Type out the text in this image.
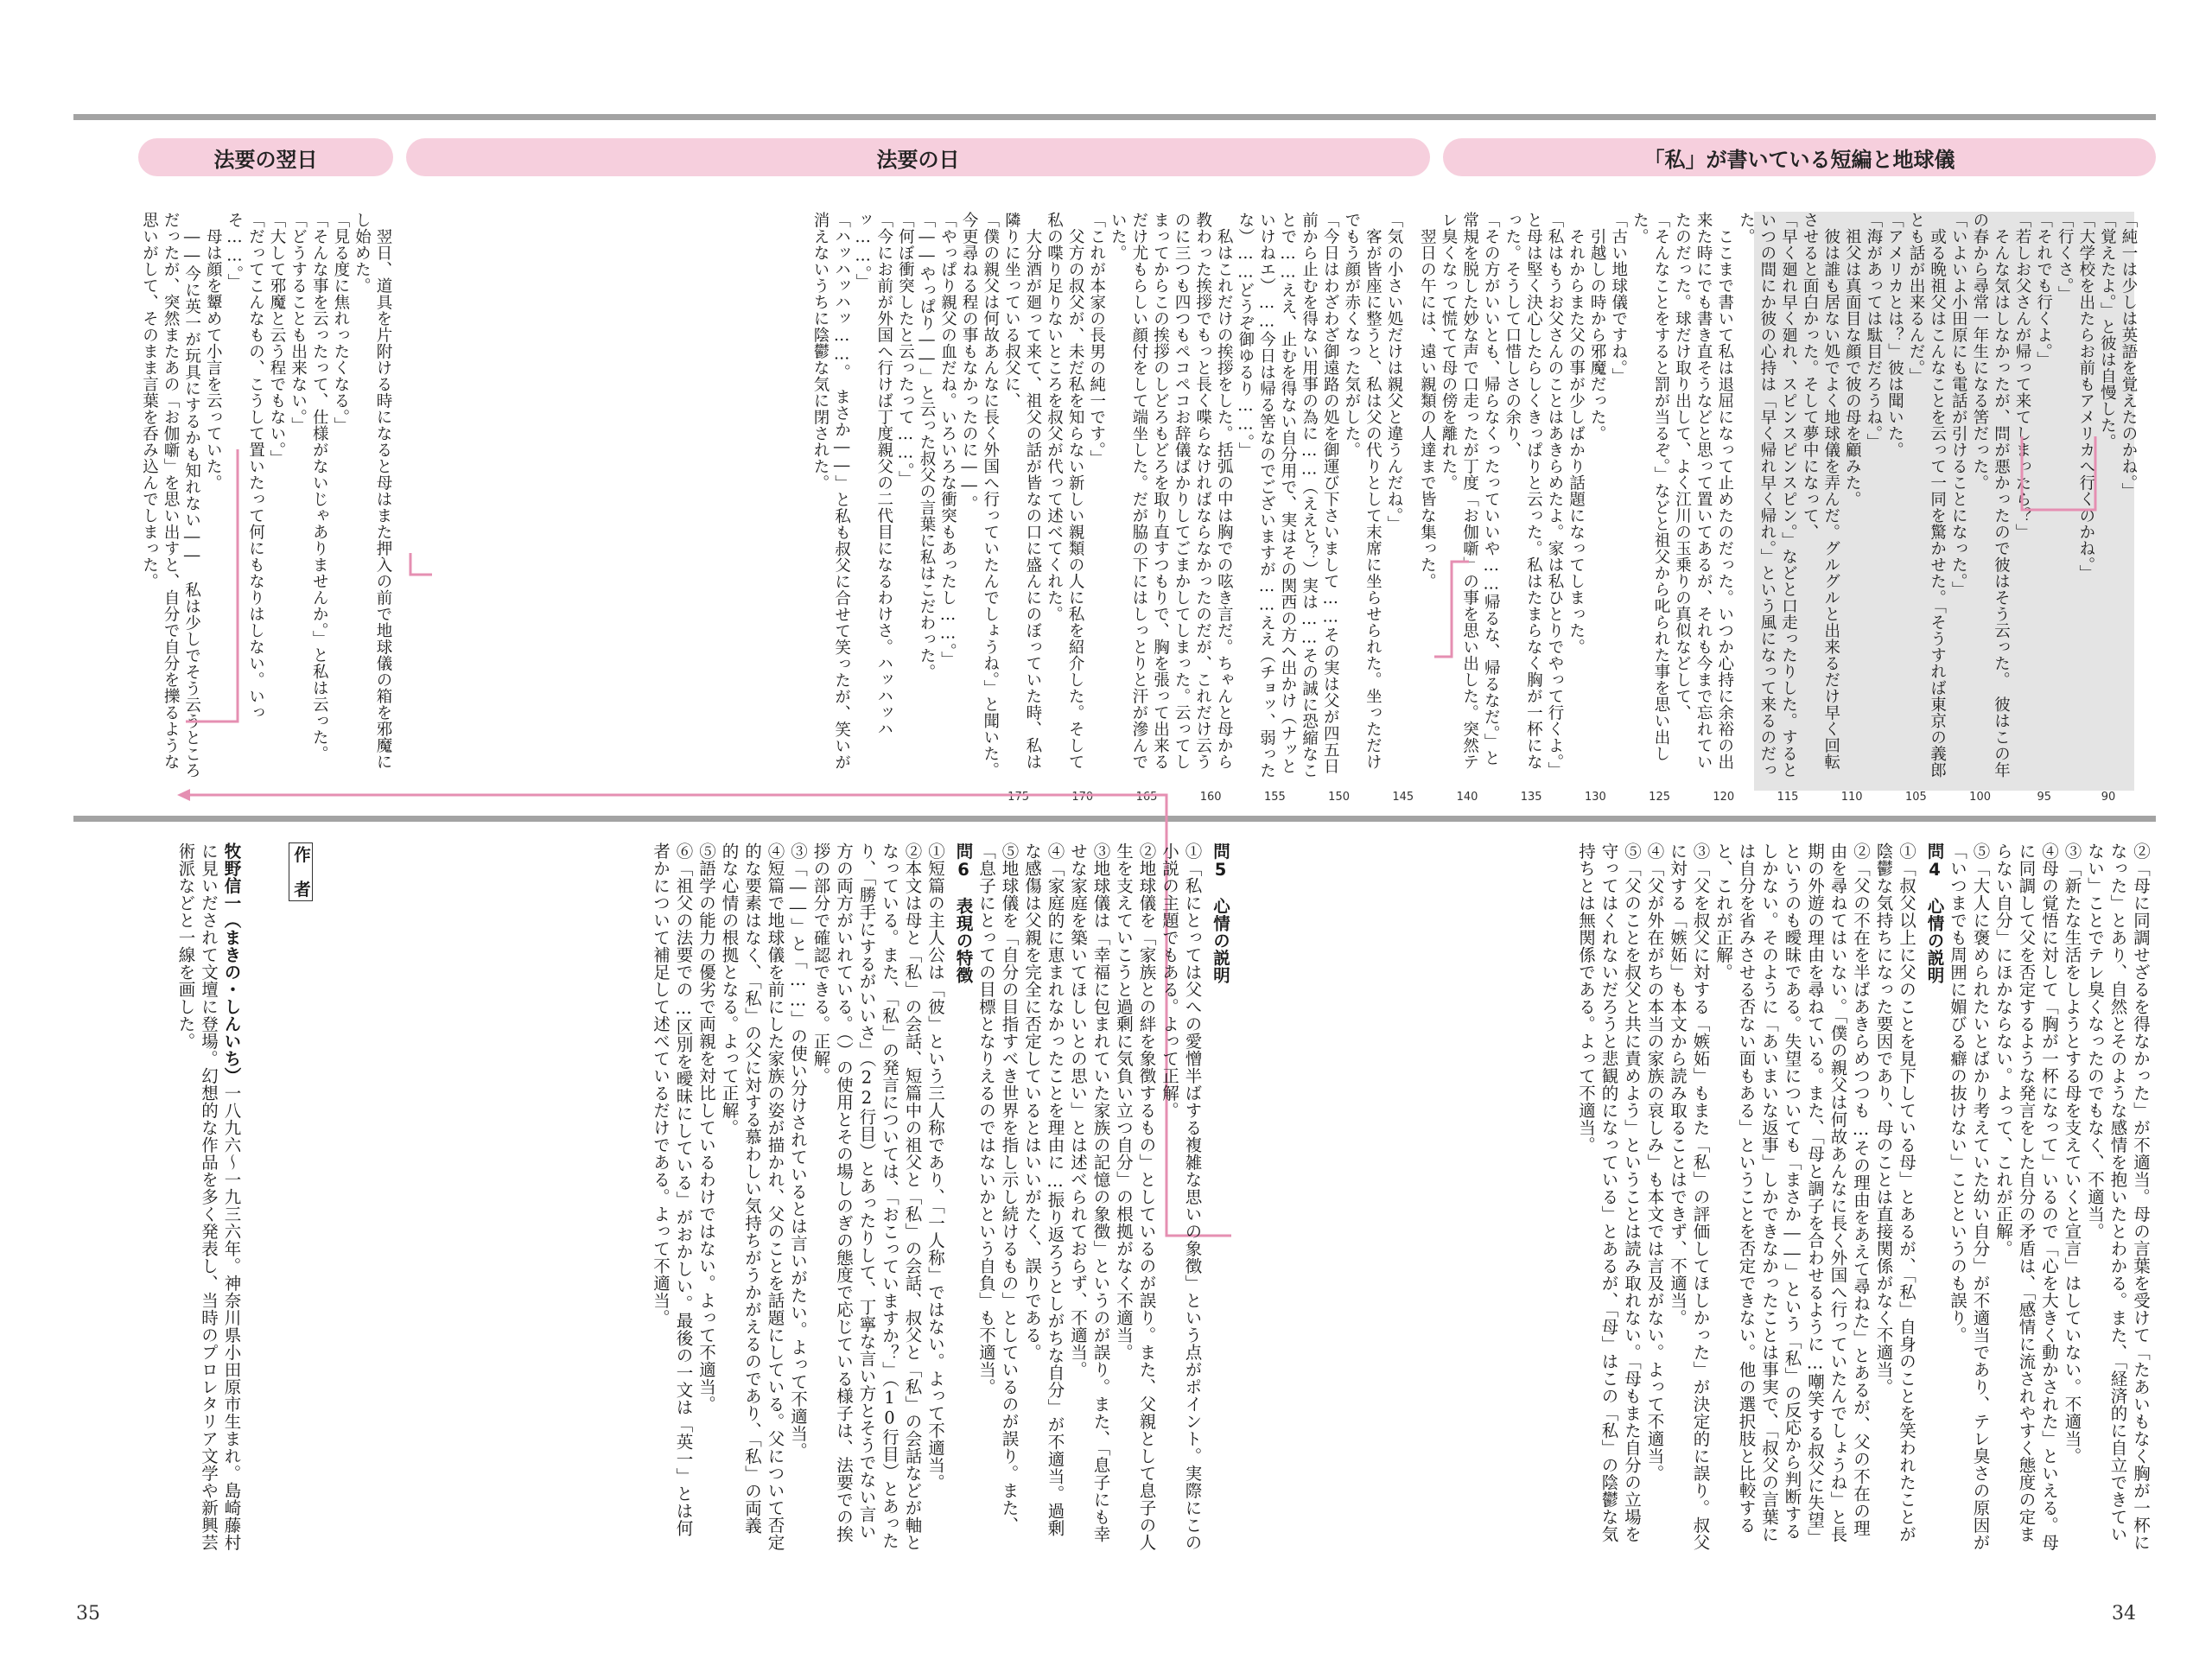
法要の翌日	法要の日	「私」が書いている短編と地球儀

「純一は少しは英語を覚えたのかね。」

「覚えたよ。」と彼は自慢した。

「大学校を出たらお前もアメリカへ行くのかね。」

「行くさ。」

「それでも行くよ。」

「若しお父さんが帰って来てしまったら？」

　そんな気はしなかったが、問が悪かったので彼はそう云った。　彼はこの年の春から尋常一年生になる筈だった。

「いよいよ小田原にも電話が引けることになった。」

　或る晩祖父はこんなことを云って一同を驚かせた。「そうすれば東京の義郎とも話が出来るんだ。」

「アメリカとは？」彼は聞いた。

「海があっては駄目だろうね。」

　祖父は真面目な顔で彼の母を顧みた。

　彼は誰も居ない処でよく地球儀を弄んだ。グルグルと出来るだけ早く回転させると面白かった。そして夢中になって、

「早く廻れ早く廻れ、スピンスピンスピン。」などと口走ったりした。するといつの間にか彼の心持は「早く帰れ早く帰れ。」という風になって来るのだった。

　ここまで書いて私は退屈になって止めたのだった。いつか心持に余裕の出来た時にでも書き直そうなどと思って置いてあるが、それも今まで忘れていたのだった。球だけ取り出して、よく江川の玉乗りの真似などして、

「そんなことをすると罰が当るぞ。」などと祖父から叱られた事を思い出した。

「古い地球儀ですね。」

　引越しの時から邪魔だった。

　それからまた父の事が少しばかり話題になってしまった。

「私はもうお父さんのことはあきらめたよ。家は私ひとりでやって行くよ。」と母は堅く決心したらしくきっぱりと云った。私はたまらなく胸が一杯になった。そうして口惜しさの余り、

「その方がいいとも、帰らなくったっていいや……帰るな、帰るなだ。」と常規を脱した妙な声で口走ったが丁度「お伽噺」の事を思い出した。突然テレ臭くなって慌てて母の傍を離れた。

　翌日の午には、遠い親類の人達まで皆な集った。

「気の小さい処だけは親父と違うんだね。」

　客が皆座に整うと、私は父の代りとして末席に坐らせられた。坐っただけでもう顔が赤くなった気がした。

「今日はわざわざ御遠路の処を御運び下さいまして……その実は父が四五日前から止むを得ない用事の為に……（ええと？）実は……その誠に恐縮なことで……ええ、止むを得ない自分用で、実はその関西の方へ出かけ（ナッといけねエ）……今日は帰る筈なのでございますが……ええ（チョッ、弱ったな）……どうぞ御ゆるり……。」

　私はこれだけの挨拶をした。括弧の中は胸での呟き言だ。ちゃんと母から教わった挨拶でもっと長く喋らなければならなかったのだが、これだけ云うのに三つも四つもペコペコお辞儀ばかりしてごまかしてしまった。云ってしまってからこの挨拶のしどろもどろを取り直すつもりで、胸を張って出来るだけ尤もらしい顔付をして端坐した。だが脇の下にはしっとりと汗が滲んでいた。

「これが本家の長男の純一です。」

　父方の叔父が、未だ私を知らない新しい親類の人に私を紹介した。そして私の喋り足りないところを叔父が代って述べてくれた。

　大分酒が廻って来て、祖父の話が皆なの口に盛んにのぼっていた時、私は隣りに坐っている叔父に、

「僕の親父は何故あんなに長く外国へ行っていたんでしょうね。」と聞いた。今更尋ねる程の事もなかったのに――。

「やっぱり親父の血だね。いろいろな衝突もあったし……。」

「――やっぱり――」と云った叔父の言葉に私はこだわった。

「何ぼ衝突したと云ったって……。」

「今にお前が外国へ行けば丁度親父の二代目になるわけさ。ハッハッハッ……。」

「ハッハッハッ……。　まさか――」と私も叔父に合せて笑ったが、笑いが消えないうちに陰鬱な気に閉された。

　翌日、道具を片附ける時になると母はまた押入の前で地球儀の箱を邪魔にし始めた。

「見る度に焦れったくなる。」

「そんな事を云ったって、仕様がないじゃありませんか。」と私は云った。「どうすることも出来ない。」

「大して邪魔と云う程でもない。」

「だってこんなもの、こうして置いたって何にもなりはしない。いっそ……。」

　母は顔を顰めて小言を云っていた。

　――今に英一が玩具にするかも知れない――　私は少しでそう云うところだったが、突然またあの「お伽噺」を思い出すと、自分で自分を擽るような思いがして、そのまま言葉を呑み込んでしまった。

90
95
100
105
110
115
120
125
130
135
140
145
150
155
160
165
170
175

②「母に同調せざるを得なかった」が不適当。母の言葉を受けて「たあいもなく胸が一杯になった」とあり、自然とそのような感情を抱いたとわかる。また、「経済的に自立できていない」ことでテレ臭くなったのでもなく、不適当。

③「新たな生活をしようとする母を支えていくと宣言」はしていない。不適当。

④母の覚悟に対して「胸が一杯になって」いるので「心を大きく動かされた」といえる。母に同調して父を否定するような発言をした自分の矛盾は、「感情に流されやすく態度の定まらない自分」にほかならない。よって、これが正解。

⑤「大人に褒められたいとばかり考えていた幼い自分」が不適当であり、テレ臭さの原因が「いつまでも周囲に媚びる癖の抜けない」ことというのも誤り。

問4　心情の説明

①「叔父以上に父のことを見下している母」とあるが、「私」自身のことを笑われたことが陰鬱な気持ちになった要因であり、母のことは直接関係がなく不適当。

②「父の不在を半ばあきらめつつも…その理由をあえて尋ねた」とあるが、父の不在の理由を尋ねてはいない。「僕の親父は何故あんなに長く外国へ行っていたんでしょうね」と長期の外遊の理由を尋ねている。また、「母と調子を合わせるように…嘲笑する叔父に失望」というのも曖昧である。失望についても「まさか――」という「私」の反応から判断するしかない。そのように「あいまいな返事」しかできなかったことは事実で、「叔父の言葉には自分を省みさせる否ない面もある」ということを否定できない。他の選択肢と比較すると、これが正解。

③「父を叔父に対する「嫉妬」もまた「私」の評価してほしかった」が決定的に誤り。叔父に対する「嫉妬」も本文から読み取ることはできず、不適当。

④「父が外在がちの本当の家族の哀しみ」も本文では言及がない。よって不適当。

⑤「父のことを叔父と共に責めよう」ということは読み取れない。「母もまた自分の立場を守ってはくれないだろうと悲観的になっている」とあるが、「母」はこの「私」の陰鬱な気持ちとは無関係である。よって不適当。

問5　心情の説明

①「私にとっては父への愛憎半ばする複雑な思いの象徴」という点がポイント。実際にこの小説の主題でもある。よって正解。

②地球儀を「家族との絆を象徴するもの」としているのが誤り。また、父親として息子の人生を支えていこうと過剰に気負い立つ自分」の根拠がなく不適当。

③地球儀は「幸福に包まれていた家族の記憶の象徴」というのが誤り。また、「息子にも幸せな家庭を築いてほしいとの思い」とは述べられておらず、不適当。

④「家庭的に恵まれなかったことを理由に…振り返ろうとしがちな自分」が不適当。過剰な感傷は父親を完全に否定しているとはいいがたく、誤りである。

⑤地球儀を「自分の目指すべき世界を指し示し続けるもの」としているのが誤り。また、「息子にとっての目標となりえるのではないかという自負」も不適当。

問6　表現の特徴

①短篇の主人公は「彼」という三人称であり、「一人称」ではない。よって不適当。

②本文は母と「私」の会話、短篇中の祖父と「私」の会話、叔父と「私」の会話などが軸となっている。また、「私」の発言については、「おこっていますか？」（10行目）とあったり、「勝手にするがいいさ」（22行目）とあったりして、丁寧な言い方とそうでない言い方の両方がいれている。（）の使用とその場しのぎの態度で応じている様子は、法要での挨拶の部分で確認できる。正解。

③「――」と「……」の使い分けされているとは言いがたい。よって不適当。

④短篇で地球儀を前にした家族の姿が描かれ、父のことを話題にしている。父について否定的な要素はなく、「私」の父に対する慕わしい気持ちがうかがえるのであり、「私」の両義的な心情の根拠となる。よって正解。

⑤語学の能力の優劣で両親を対比しているわけではない。よって不適当。

⑥「祖父の法要での…区別を曖昧にしている」がおかしい。最後の一文は「英一」とは何者かについて補足して述べているだけである。よって不適当。

作　者

牧野信一（まきの・しんいち）一八九六～一九三六年。神奈川県小田原市生まれ。島崎藤村に見いだされて文壇に登場。幻想的な作品を多く発表し、当時のプロレタリア文学や新興芸術派などと一線を画した。

35	34
